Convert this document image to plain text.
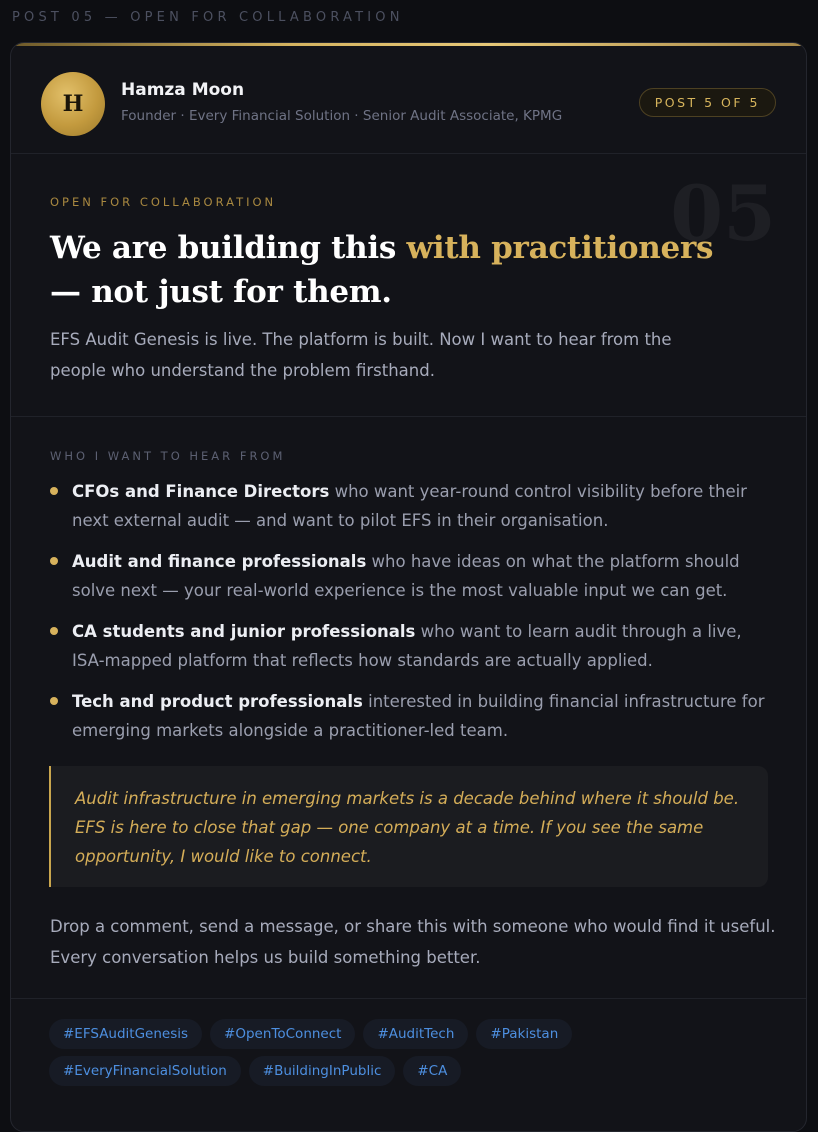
POST 05 — OPEN FOR COLLABORATION
H
Hamza Moon
Founder · Every Financial Solution · Senior Audit Associate, KPMG
POST 5 OF 5
OPEN FOR COLLABORATION	05
We are building this with practitioners — not just for them.

EFS Audit Genesis is live. The platform is built. Now I want to hear from the people who understand the problem firsthand.

WHO I WANT TO HEAR FROM
CFOs and Finance Directors who want year-round control visibility before their next external audit — and want to pilot EFS in their organisation.
Audit and finance professionals who have ideas on what the platform should solve next — your real-world experience is the most valuable input we can get.
CA students and junior professionals who want to learn audit through a live, ISA-mapped platform that reflects how standards are actually applied.
Tech and product professionals interested in building financial infrastructure for emerging markets alongside a practitioner-led team.

Audit infrastructure in emerging markets is a decade behind where it should be. EFS is here to close that gap — one company at a time. If you see the same opportunity, I would like to connect.

Drop a comment, send a message, or share this with someone who would find it useful. Every conversation helps us build something better.

#EFSAuditGenesis	#OpenToConnect	#AuditTech	#Pakistan
#EveryFinancialSolution	#BuildingInPublic	#CA
